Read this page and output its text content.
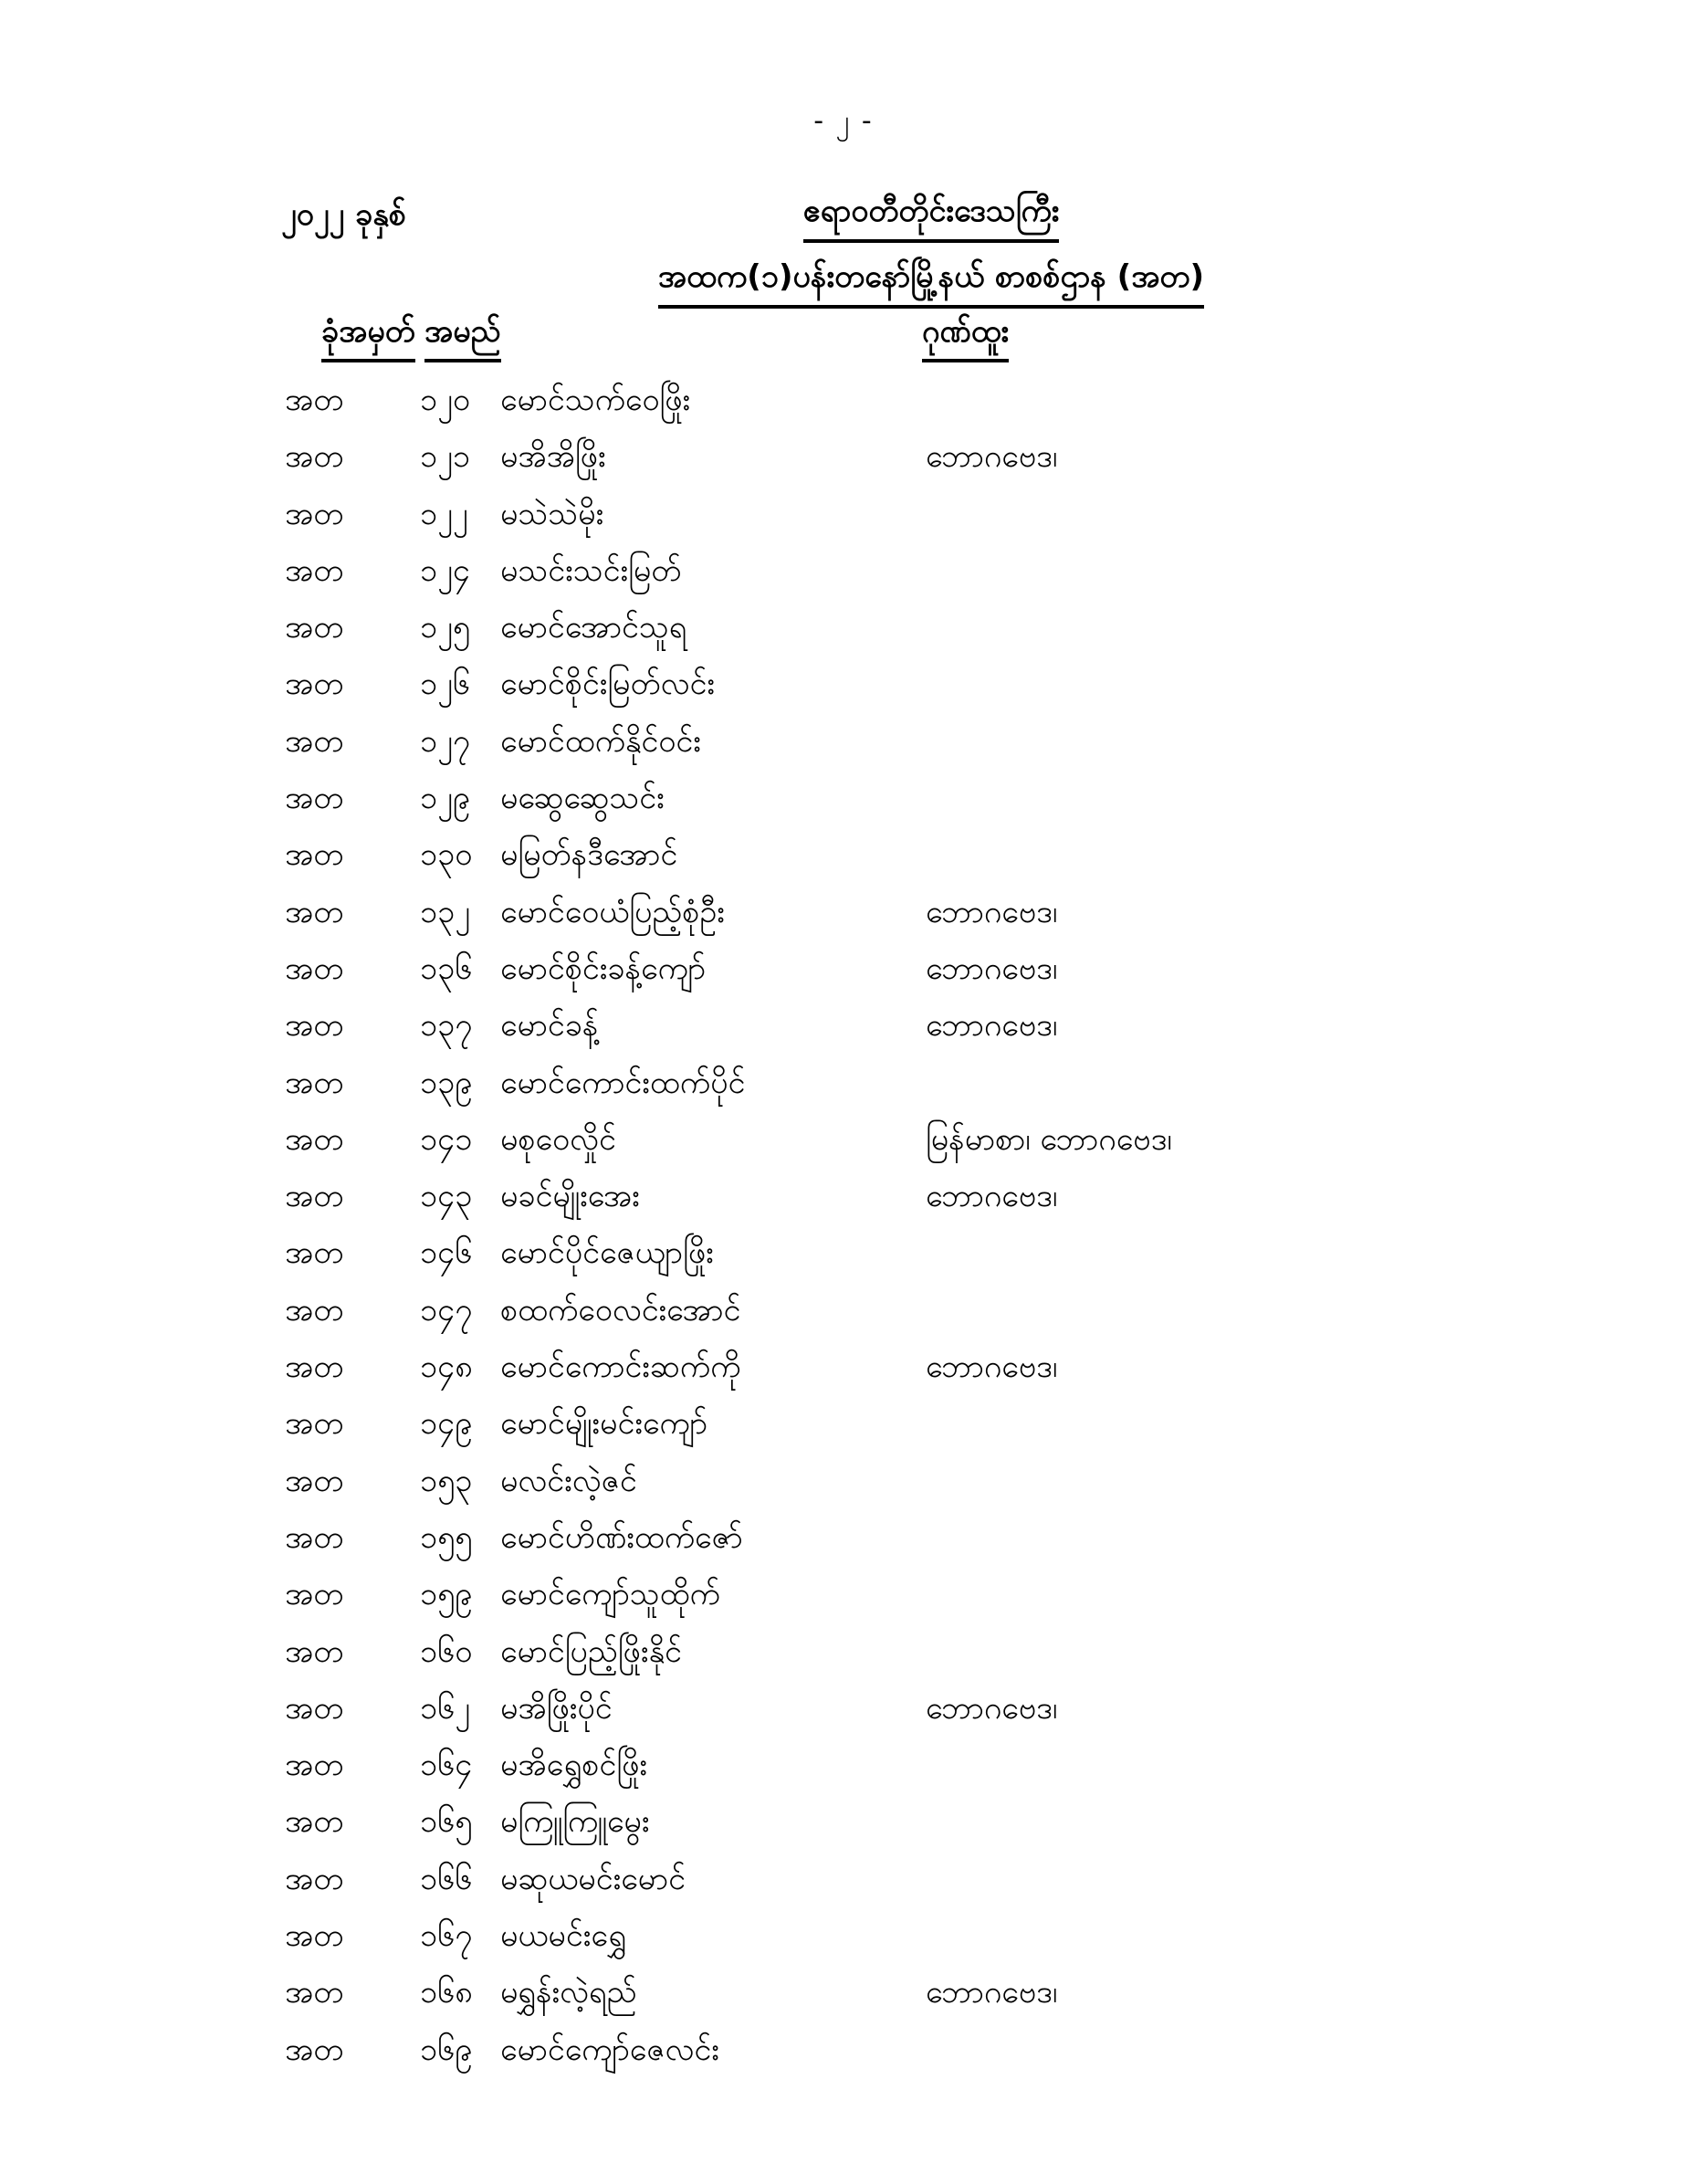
- ၂ -
၂၀၂၂ ခုနှစ်	ဧရာဝတီတိုင်းဒေသကြီး
အထက(၁)ပန်းတနော်မြို့နယ် စာစစ်ဌာန (အတ)
ခုံအမှတ် အမည်	ဂုဏ်ထူး
အတ ၁၂၀ မောင်သက်ဝေဖြိုး
အတ ၁၂၁ မအိအိဖြိုး	ဘောဂဗေဒ၊
အတ ၁၂၂ မသဲသဲမိုး
အတ ၁၂၄ မသင်းသင်းမြတ်
အတ ၁၂၅ မောင်အောင်သူရ
အတ ၁၂၆ မောင်စိုင်းမြတ်လင်း
အတ ၁၂၇ မောင်ထက်နိုင်ဝင်း
အတ ၁၂၉ မဆွေဆွေသင်း
အတ ၁၃၀ မမြတ်နဒီအောင်
အတ ၁၃၂ မောင်ဝေယံပြည့်စုံဦး	ဘောဂဗေဒ၊
အတ ၁၃၆ မောင်စိုင်းခန့်ကျော်	ဘောဂဗေဒ၊
အတ ၁၃၇ မောင်ခန့်	ဘောဂဗေဒ၊
အတ ၁၃၉ မောင်ကောင်းထက်ပိုင်
အတ ၁၄၁ မစုဝေလှိုင်	မြန်မာစာ၊ ဘောဂဗေဒ၊
အတ ၁၄၃ မခင်မျိုးအေး	ဘောဂဗေဒ၊
အတ ၁၄၆ မောင်ပိုင်ဇေယျာဖြိုး
အတ ၁၄၇ စထက်ဝေလင်းအောင်
အတ ၁၄၈ မောင်ကောင်းဆက်ကို	ဘောဂဗေဒ၊
အတ ၁၄၉ မောင်မျိုးမင်းကျော်
အတ ၁၅၃ မလင်းလဲ့ဇင်
အတ ၁၅၅ မောင်ဟိဏ်းထက်ဇော်
အတ ၁၅၉ မောင်ကျော်သူထိုက်
အတ ၁၆၀ မောင်ပြည့်ဖြိုးနိုင်
အတ ၁၆၂ မအိဖြိုးပိုင်	ဘောဂဗေဒ၊
အတ ၁၆၄ မအိရွှေစင်ဖြိုး
အတ ၁၆၅ မကြူကြူမွေး
အတ ၁၆၆ မဆုယမင်းမောင်
အတ ၁၆၇ မယမင်းရွှေ
အတ ၁၆၈ မရွှန်းလဲ့ရည်	ဘောဂဗေဒ၊
အတ ၁၆၉ မောင်ကျော်ဇေလင်း
